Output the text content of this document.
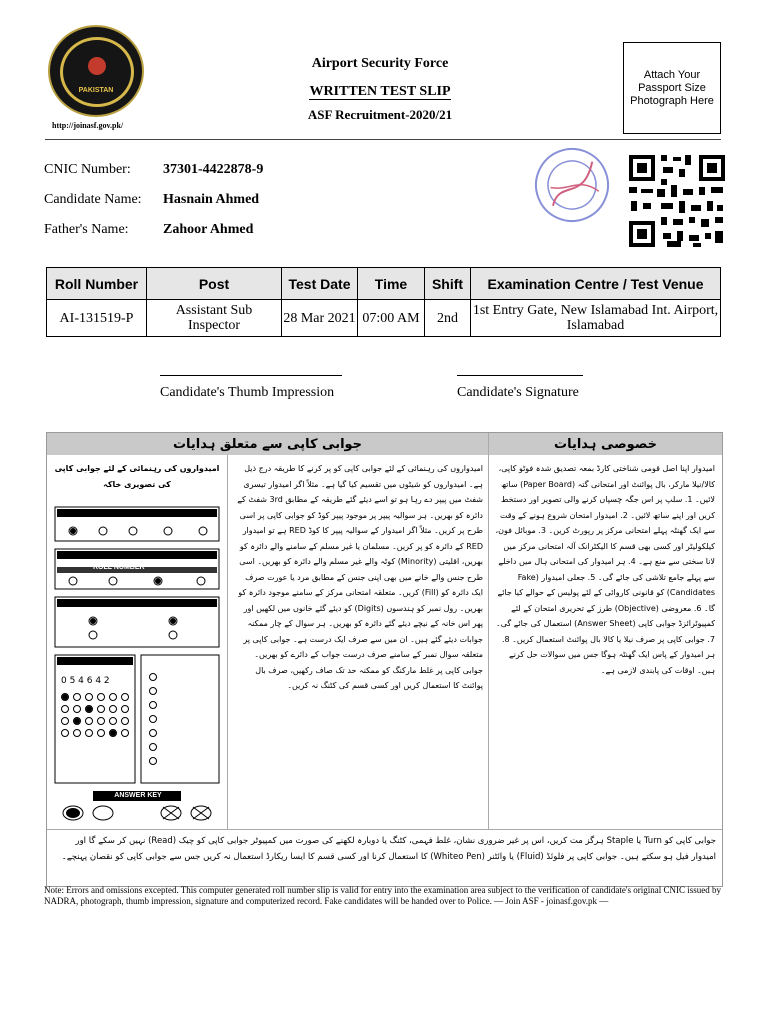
PAKISTAN
http://joinasf.gov.pk/
Airport Security Force
WRITTEN TEST SLIP
ASF Recruitment-2020/21
Attach Your Passport Size Photograph Here
CNIC Number: 37301-4422878-9
Candidate Name: Hasnain Ahmed
Father's Name: Zahoor Ahmed
Roll Number	Post	Test Date	Time	Shift	Examination Centre / Test Venue
AI-131519-P	Assistant Sub Inspector	28 Mar 2021	07:00 AM	2nd	1st Entry Gate, New Islamabad Int. Airport, Islamabad
Candidate's Thumb Impression	Candidate's Signature
جوابی کاپی سے متعلق ہدایات	خصوصی ہدایات
امیدواروں کی رہنمائی کے لئے جوابی کاپی کی تصویری خاکہ
0 5 4 6 4 2
ROLL NUMBER
ANSWER KEY
امیدواروں کی رہنمائی کے لئے جوابی کاپی کو پر کرنے کا طریقہ درج ذیل ہے۔ امیدواروں کو شیٹوں میں تقسیم کیا گیا ہے۔ مثلاً اگر امیدوار تیسری شفٹ میں پیپر دے رہا ہو تو اسے دیئے گئے طریقہ کے مطابق 3rd شفٹ کے دائرہ کو بھریں۔ ہر سوالیہ پیپر پر موجود پیپر کوڈ کو جوابی کاپی پر اسی طرح پر کریں۔ مثلاً اگر امیدوار کے سوالیہ پیپر کا کوڈ RED ہے تو امیدوار RED کے دائرہ کو پر کریں۔ مسلمان یا غیر مسلم کے سامنے والے دائرہ کو بھریں، اقلیتی (Minority) کوٹہ والے غیر مسلم والے دائرہ کو بھریں۔ اسی طرح جنس والے خانے میں بھی اپنی جنس کے مطابق مرد یا عورت صرف ایک دائرہ کو (Fill) کریں۔ متعلقہ امتحانی مرکز کے سامنے موجود دائرہ کو بھریں۔ رول نمبر کو ہندسوں (Digits) کو دیئے گئے خانوں میں لکھیں اور پھر اس خانہ کے نیچے دیئے گئے دائرہ کو بھریں۔ ہر سوال کے چار ممکنہ جوابات دیئے گئے ہیں۔ ان میں سے صرف ایک درست ہے۔ جوابی کاپی پر متعلقہ سوال نمبر کے سامنے صرف درست جواب کے دائرے کو بھریں۔ جوابی کاپی پر غلط مارکنگ کو ممکنہ حد تک صاف رکھیں، صرف بال پوائنٹ کا استعمال کریں اور کسی قسم کی کٹنگ نہ کریں۔
امیدوار اپنا اصل قومی شناختی کارڈ بمعہ تصدیق شدہ فوٹو کاپی، کالا/نیلا مارکر، بال پوائنٹ اور امتحانی گتہ (Paper Board) ساتھ لائیں۔ 1. سلپ پر اس جگہ چسپاں کرنے والی تصویر اور دستخط کریں اور اپنے ساتھ لائیں۔ 2. امیدوار امتحان شروع ہونے کے وقت سے ایک گھنٹہ پہلے امتحانی مرکز پر رپورٹ کریں۔ 3. موبائل فون، کیلکولیٹر اور کسی بھی قسم کا الیکٹرانک آلہ امتحانی مرکز میں لانا سختی سے منع ہے۔ 4. ہر امیدوار کی امتحانی ہال میں داخلے سے پہلے جامع تلاشی کی جائے گی۔ 5. جعلی امیدوار (Fake Candidates) کو قانونی کاروائی کے لئے پولیس کے حوالے کیا جائے گا۔ 6. معروضی (Objective) طرز کے تحریری امتحان کے لئے کمپیوٹرائزڈ جوابی کاپی (Answer Sheet) استعمال کی جائے گی۔ 7. جوابی کاپی پر صرف نیلا یا کالا بال پوائنٹ استعمال کریں۔ 8. ہر امیدوار کے پاس ایک گھنٹہ ہوگا جس میں سوالات حل کرنے ہیں۔ اوقات کی پابندی لازمی ہے۔
جوابی کاپی کو Turn یا Staple ہرگز مت کریں، اس پر غیر ضروری نشان، غلط فہمی، کٹنگ یا دوبارہ لکھنے کی صورت میں کمپیوٹر جوابی کاپی کو چیک (Read) نہیں کر سکے گا اور امیدوار فیل ہو سکتے ہیں۔ جوابی کاپی پر فلوئڈ (Fluid) یا وائٹنر (Whiteo Pen) کا استعمال کرنا اور کسی قسم کا ایسا ریکارڈ استعمال نہ کریں جس سے جوابی کاپی کو نقصان پہنچے۔
Note: Errors and omissions excepted. This computer generated roll number slip is valid for entry into the examination area subject to the verification of candidate's original CNIC issued by NADRA, photograph, thumb impression, signature and computerized record. Fake candidates will be handed over to Police. — Join ASF - joinasf.gov.pk —
